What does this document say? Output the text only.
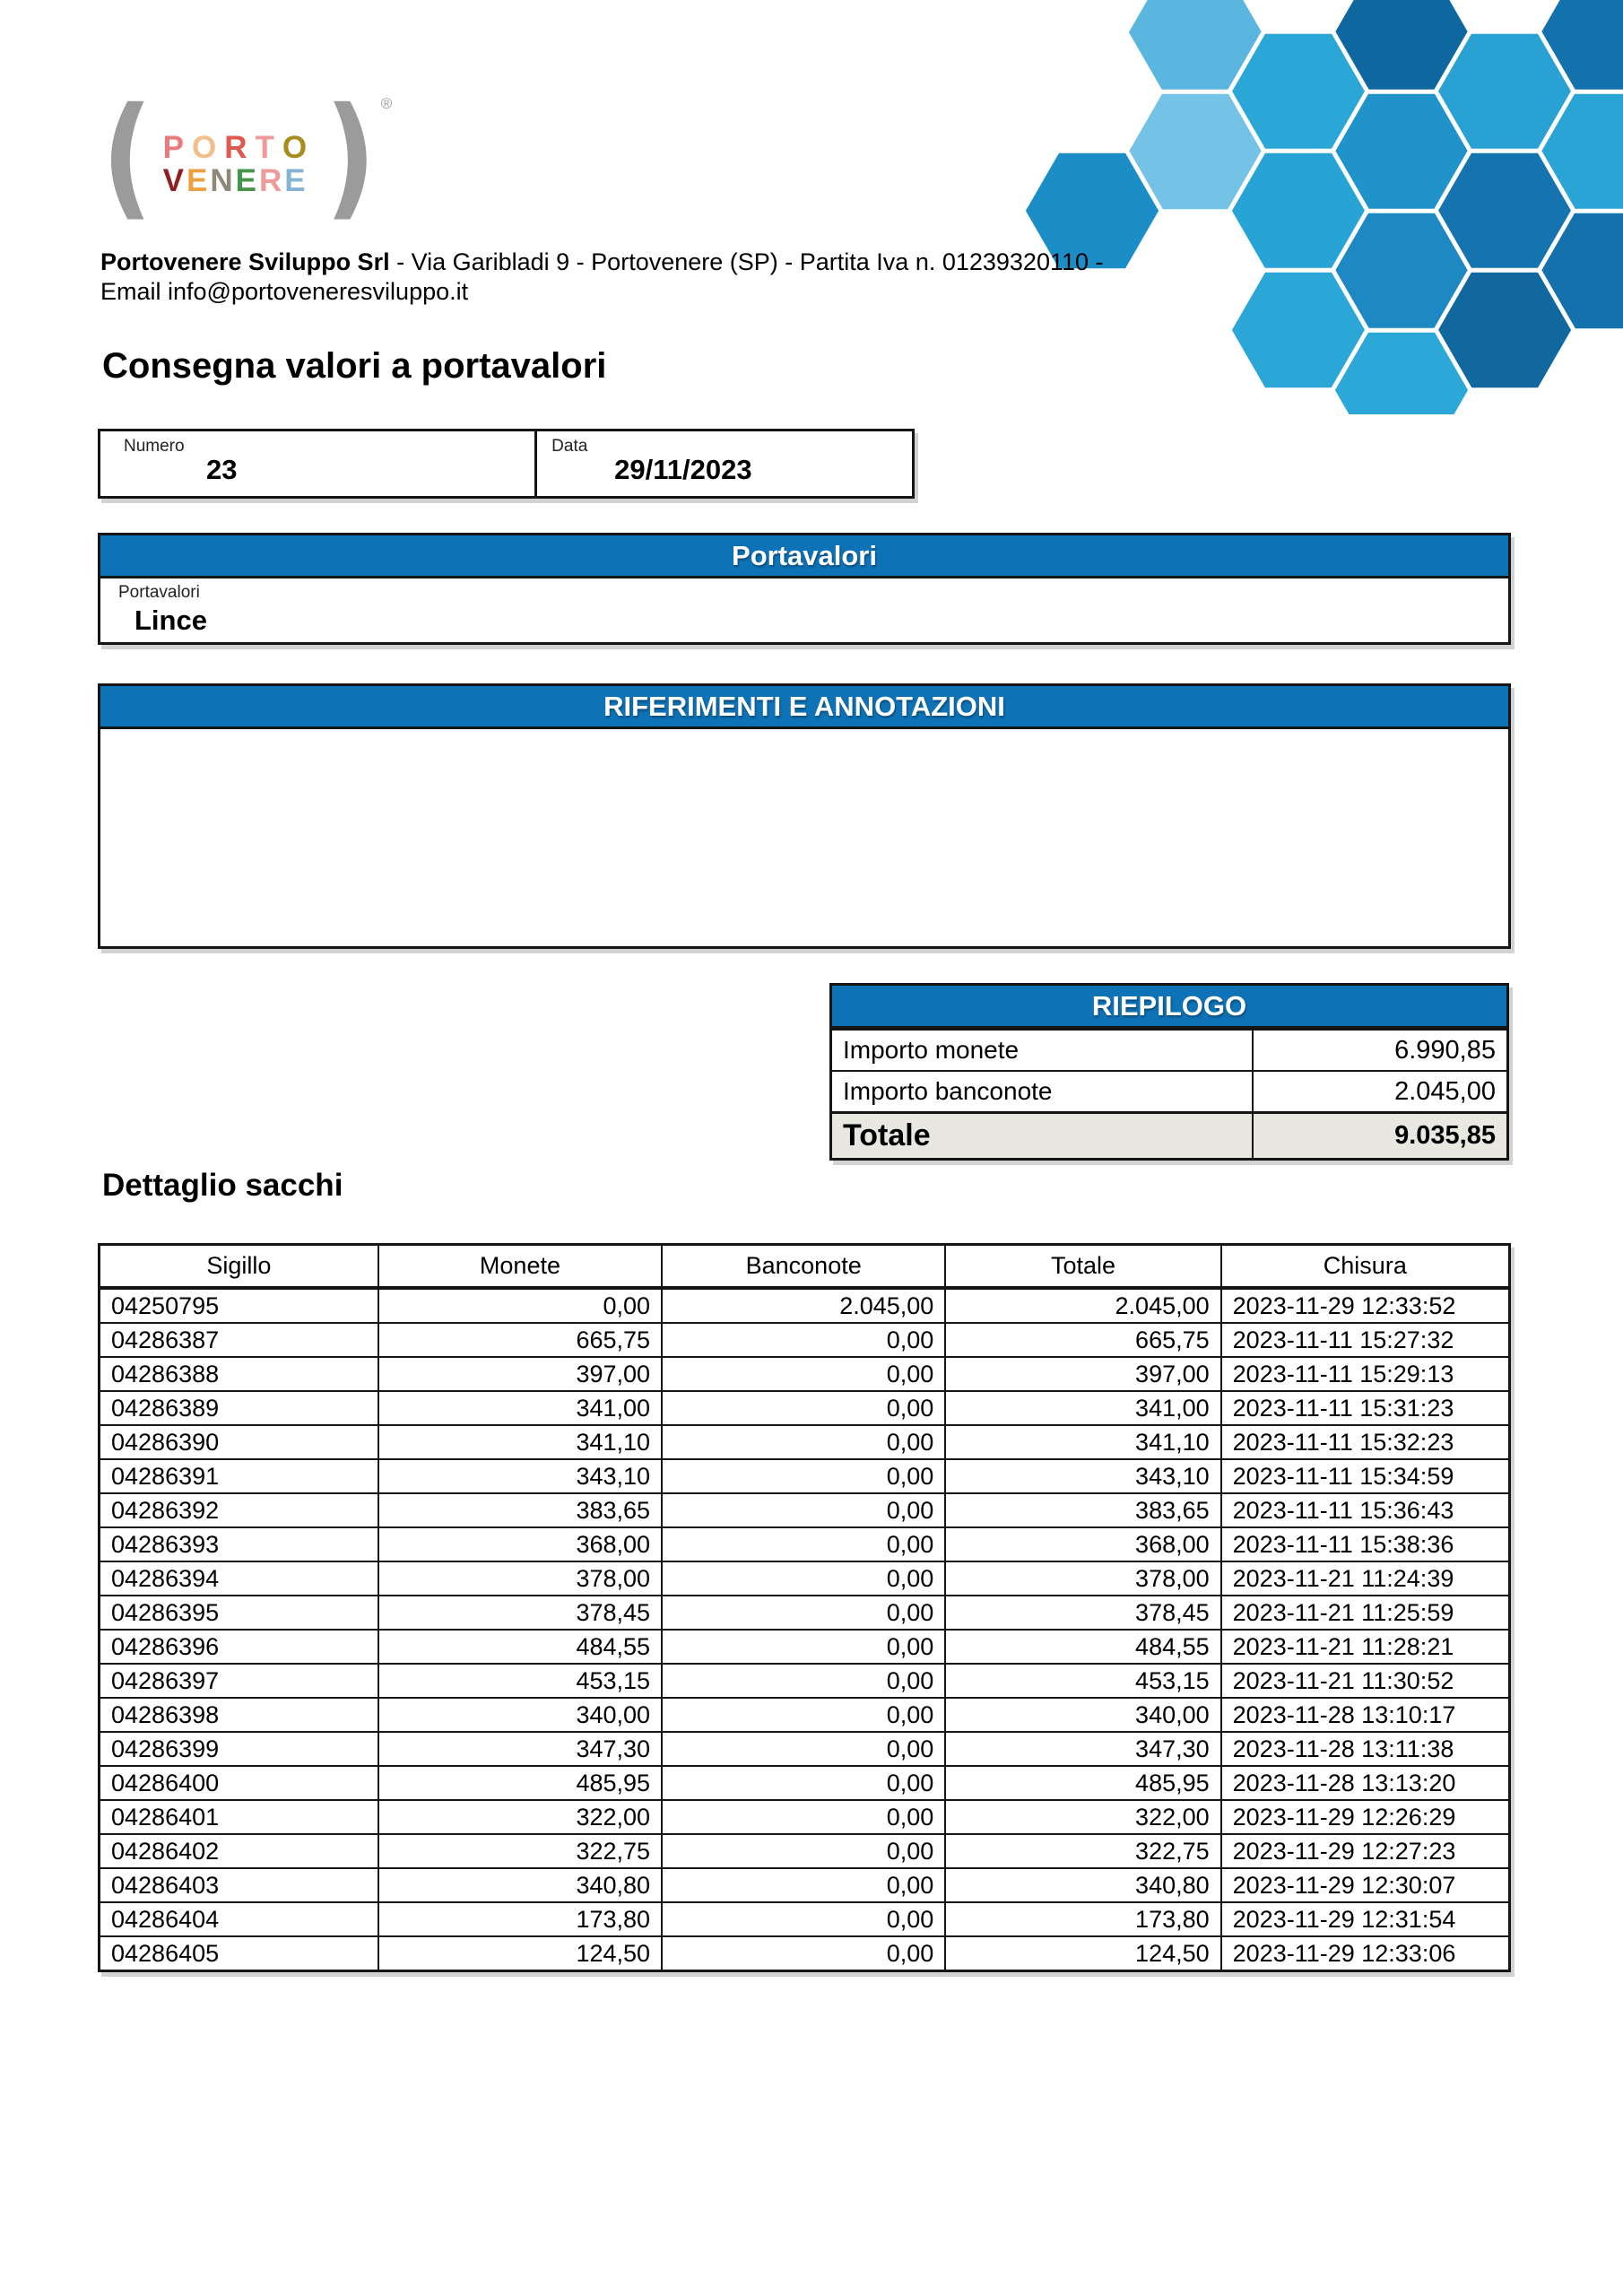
( P O R T O
VENERE ) ®
Portovenere Sviluppo Srl - Via Garibladi 9 - Portovenere (SP) - Partita Iva n. 01239320110 -
Email info@portoveneresviluppo.it
Consegna valori a portavalori
Numero
23
Data
29/11/2023
Portavalori
Portavalori
Lince
RIFERIMENTI E ANNOTAZIONI
RIEPILOGO
Importo monete	6.990,85
Importo banconote	2.045,00
Totale	9.035,85
Dettaglio sacchi
Sigillo	Monete	Banconote	Totale	Chisura
04250795	0,00	2.045,00	2.045,00	2023-11-29 12:33:52
04286387	665,75	0,00	665,75	2023-11-11 15:27:32
04286388	397,00	0,00	397,00	2023-11-11 15:29:13
04286389	341,00	0,00	341,00	2023-11-11 15:31:23
04286390	341,10	0,00	341,10	2023-11-11 15:32:23
04286391	343,10	0,00	343,10	2023-11-11 15:34:59
04286392	383,65	0,00	383,65	2023-11-11 15:36:43
04286393	368,00	0,00	368,00	2023-11-11 15:38:36
04286394	378,00	0,00	378,00	2023-11-21 11:24:39
04286395	378,45	0,00	378,45	2023-11-21 11:25:59
04286396	484,55	0,00	484,55	2023-11-21 11:28:21
04286397	453,15	0,00	453,15	2023-11-21 11:30:52
04286398	340,00	0,00	340,00	2023-11-28 13:10:17
04286399	347,30	0,00	347,30	2023-11-28 13:11:38
04286400	485,95	0,00	485,95	2023-11-28 13:13:20
04286401	322,00	0,00	322,00	2023-11-29 12:26:29
04286402	322,75	0,00	322,75	2023-11-29 12:27:23
04286403	340,80	0,00	340,80	2023-11-29 12:30:07
04286404	173,80	0,00	173,80	2023-11-29 12:31:54
04286405	124,50	0,00	124,50	2023-11-29 12:33:06
